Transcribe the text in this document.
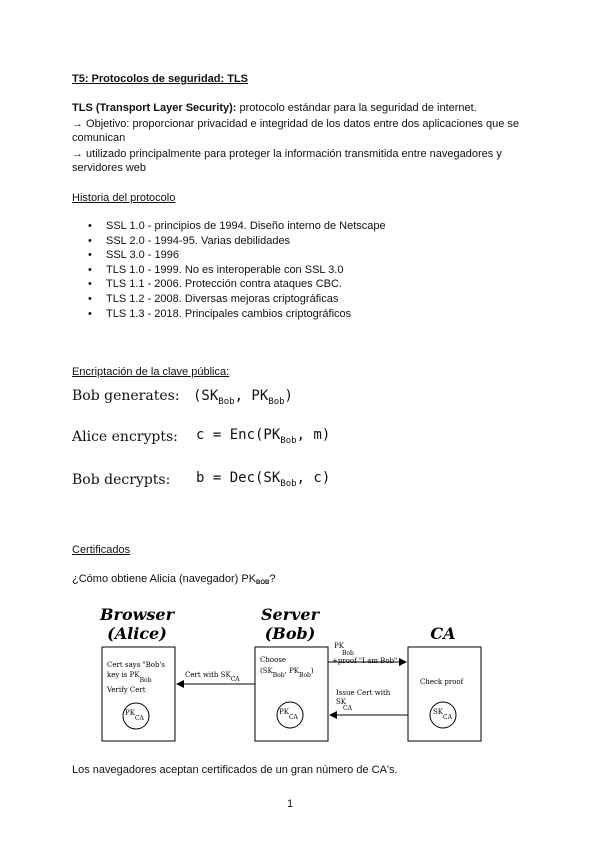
T5: Protocolos de seguridad: TLS
TLS (Transport Layer Security): protocolo estándar para la seguridad de internet.
→ Objetivo: proporcionar privacidad e integridad de los datos entre dos aplicaciones que se
comunican
→ utilizado principalmente para proteger la información transmitida entre navegadores y
servidores web
Historia del protocolo
• SSL 1.0 - principios de 1994. Diseño interno de Netscape
• SSL 2.0 - 1994-95. Varias debilidades
• SSL 3.0 - 1996
• TLS 1.0 - 1999. No es interoperable con SSL 3.0
• TLS 1.1 - 2006. Protección contra ataques CBC.
• TLS 1.2 - 2008. Diversas mejoras criptográficas
• TLS 1.3 - 2018. Principales cambios criptográficos
Encriptación de la clave pública:
Bob generates: ($SK_{Bob}$, $PK_{Bob}$)
Alice encrypts: $c = Enc(PK_{Bob}$, m)
Bob decrypts: $b = Dec(SK_{Bob}$, c)
Certificados
¿Cómo obtiene Alicia (navegador) PKBOB?
Browser
(Alice)
Server
(Bob)	CA
Cert says "Bob's
key is PKBob
Verify Cert
PKCA
Choose
(SKBob, PKBob)
PKCA
Check proof
SKCA
Cert with SKCA
PK Bob
+proof "I am Bob"
Issue Cert with
SK CA
Los navegadores aceptan certificados de un gran número de CA's.
1
